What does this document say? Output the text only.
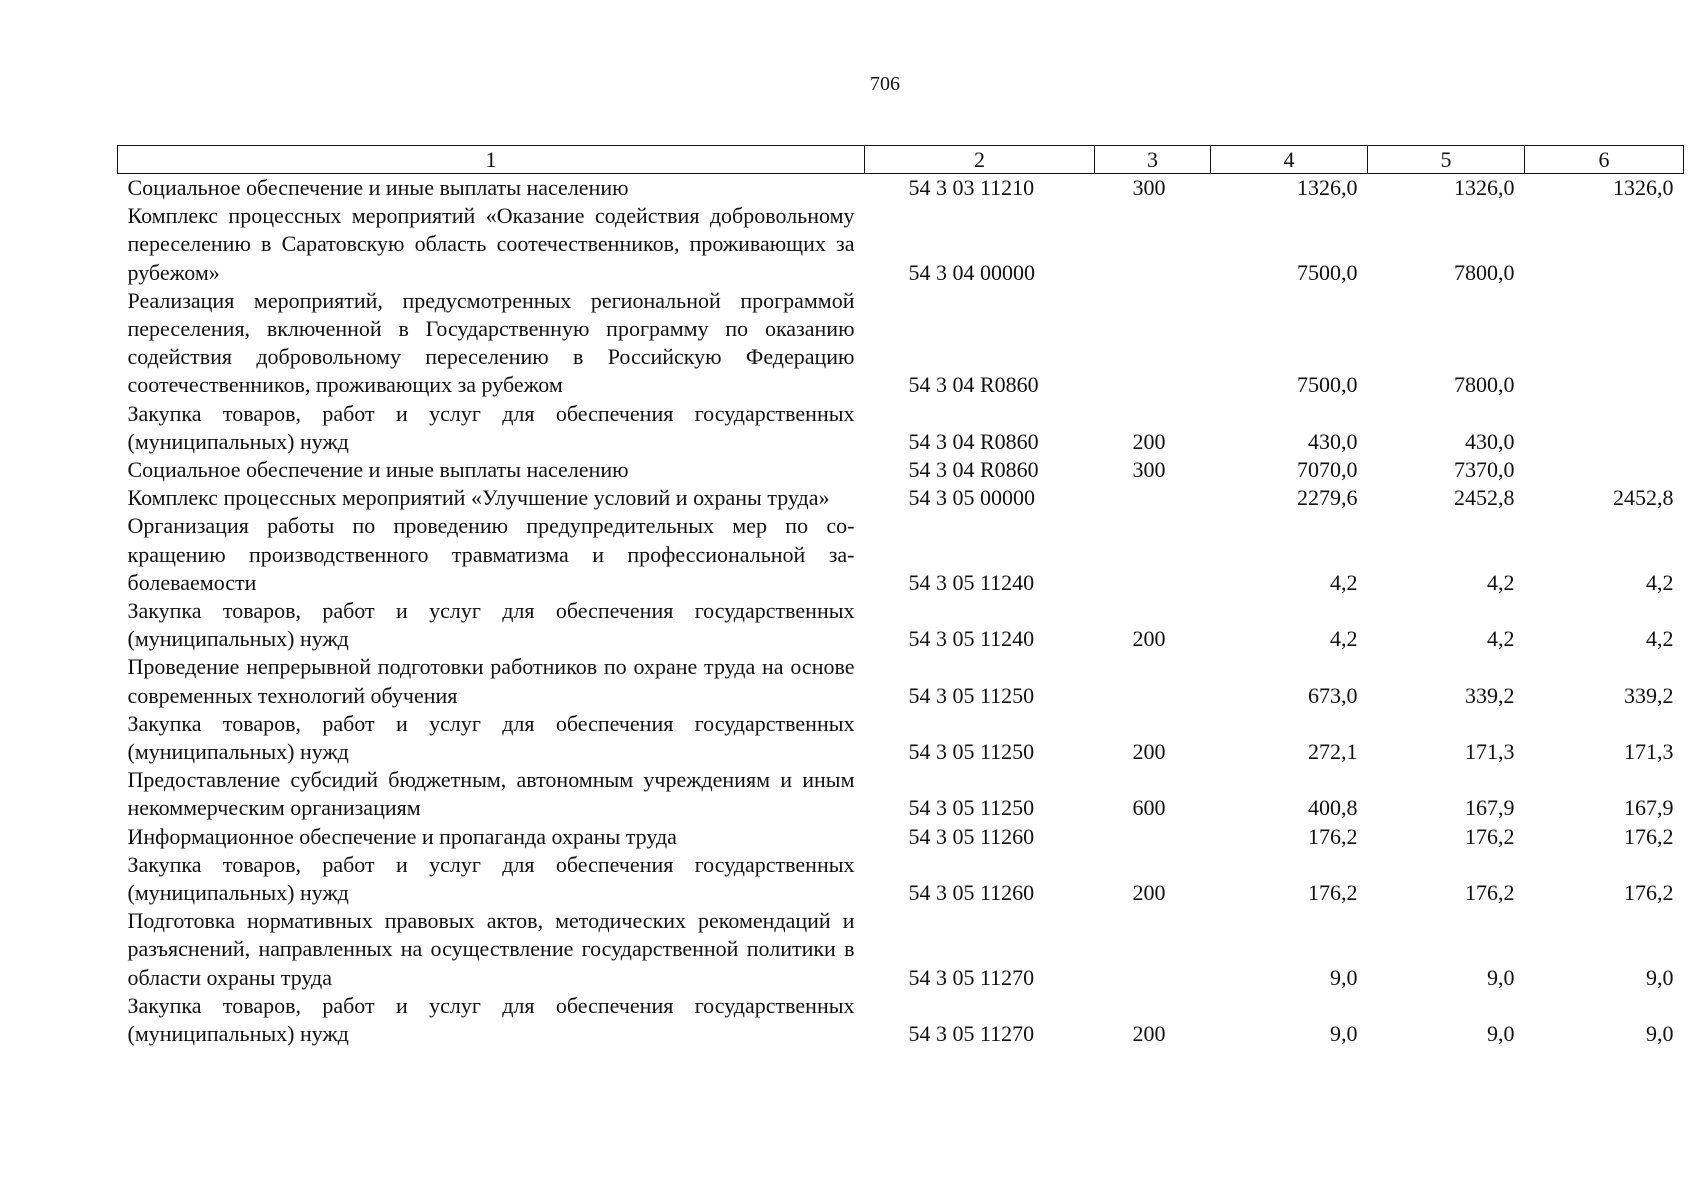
706
1	2	3	4	5	6
Социальное обеспечение и иные выплаты населению	54 3 03 11210	300	1326,0	1326,0	1326,0
Комплекс процессных мероприятий «Оказание содействия добровольному переселению в Саратовскую область соотечественников, проживающих за рубежом»	54 3 04 00000		7500,0	7800,0	
Реализация мероприятий, предусмотренных региональной программой переселения, включенной в Государственную программу по оказанию содействия добровольному переселению в Российскую Федерацию соотечественников, проживающих за рубежом	54 3 04 R0860		7500,0	7800,0	
Закупка товаров, работ и услуг для обеспечения государственных (муниципальных) нужд	54 3 04 R0860	200	430,0	430,0	
Социальное обеспечение и иные выплаты населению	54 3 04 R0860	300	7070,0	7370,0	
Комплекс процессных мероприятий «Улучшение условий и охраны труда»	54 3 05 00000		2279,6	2452,8	2452,8
Организация работы по проведению предупредительных мер по сокращению производственного травматизма и профессиональной заболеваемости	54 3 05 11240		4,2	4,2	4,2
Закупка товаров, работ и услуг для обеспечения государственных (муниципальных) нужд	54 3 05 11240	200	4,2	4,2	4,2
Проведение непрерывной подготовки работников по охране труда на основе современных технологий обучения	54 3 05 11250		673,0	339,2	339,2
Закупка товаров, работ и услуг для обеспечения государственных (муниципальных) нужд	54 3 05 11250	200	272,1	171,3	171,3
Предоставление субсидий бюджетным, автономным учреждениям и иным некоммерческим организациям	54 3 05 11250	600	400,8	167,9	167,9
Информационное обеспечение и пропаганда охраны труда	54 3 05 11260		176,2	176,2	176,2
Закупка товаров, работ и услуг для обеспечения государственных (муниципальных) нужд	54 3 05 11260	200	176,2	176,2	176,2
Подготовка нормативных правовых актов, методических рекомендаций и разъяснений, направленных на осуществление государственной политики в области охраны труда	54 3 05 11270		9,0	9,0	9,0
Закупка товаров, работ и услуг для обеспечения государственных (муниципальных) нужд	54 3 05 11270	200	9,0	9,0	9,0
